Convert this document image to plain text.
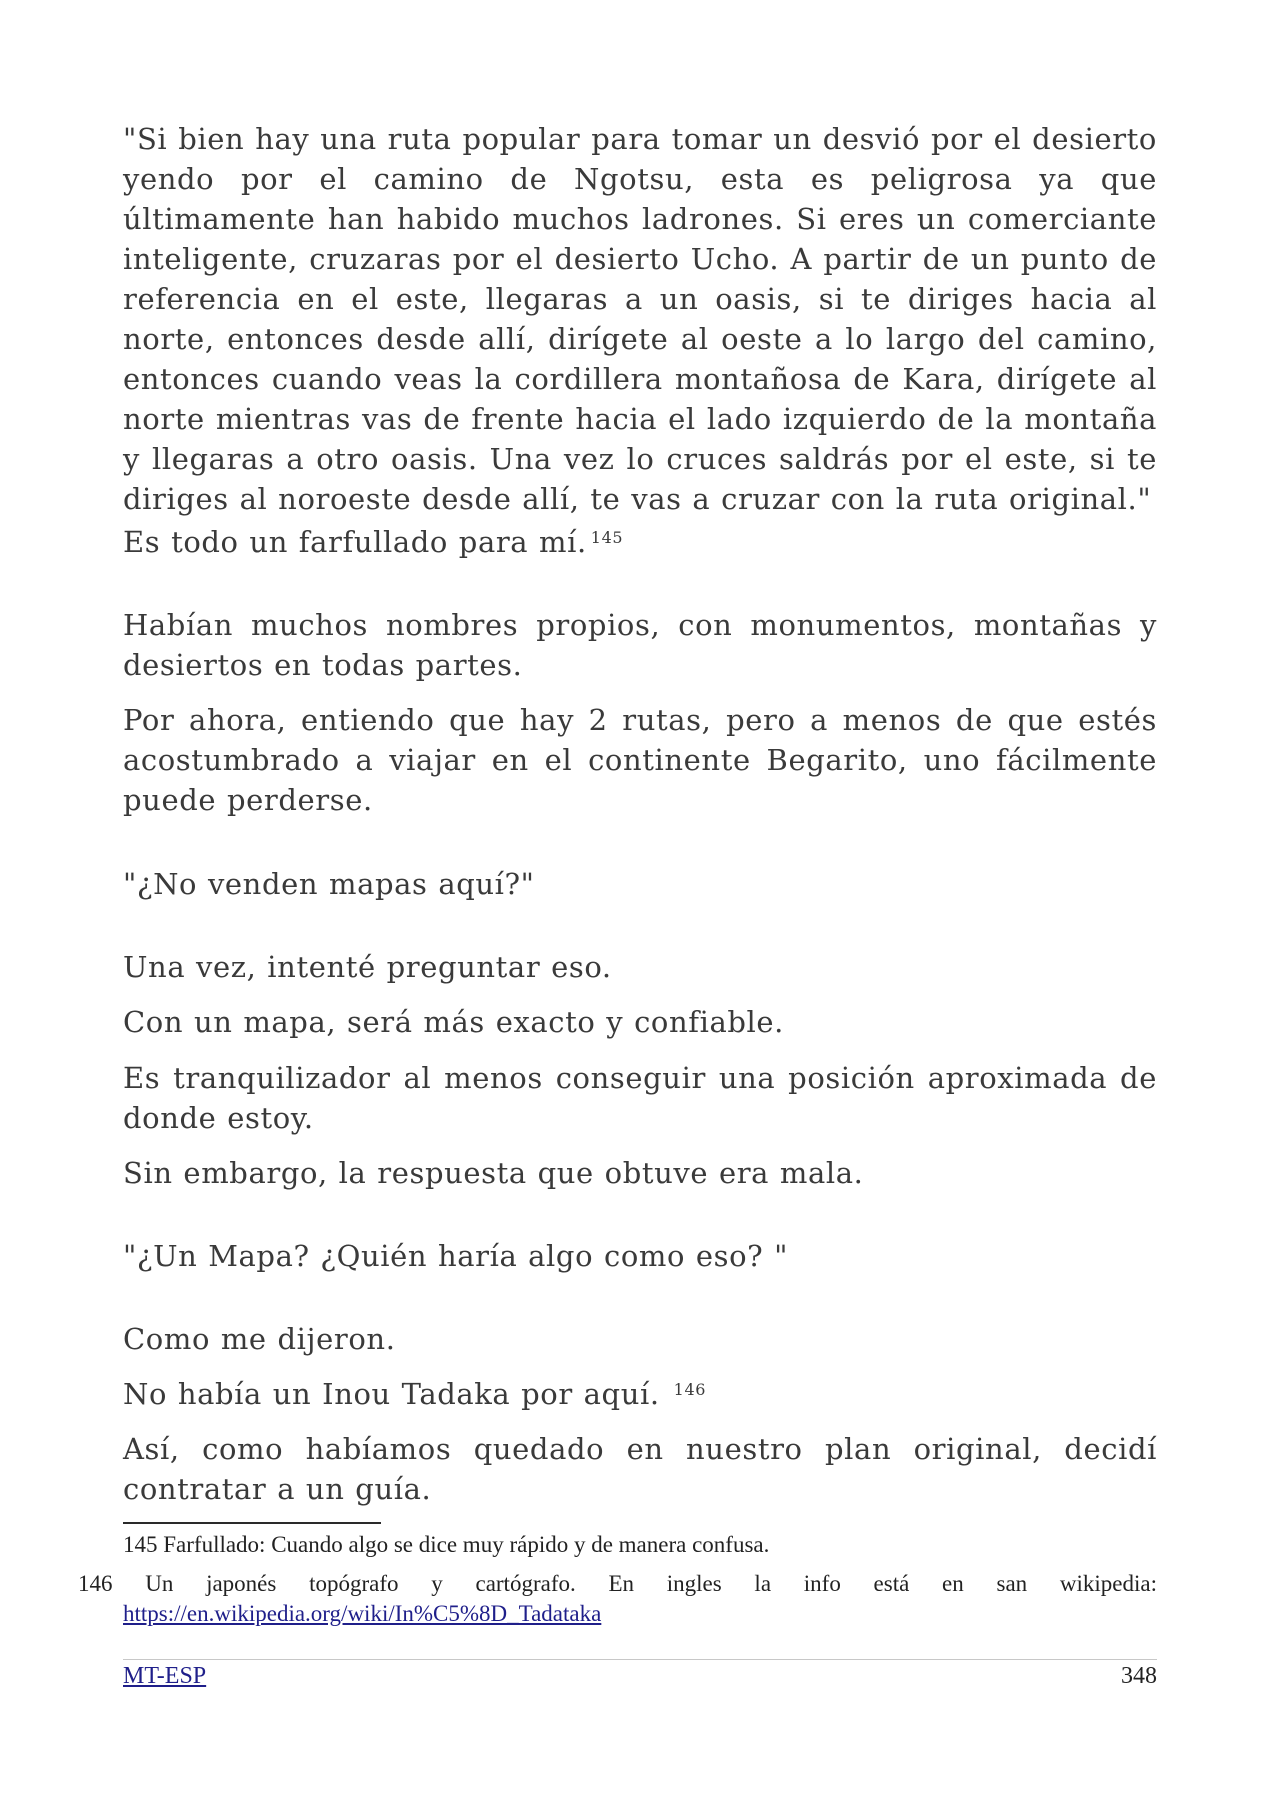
"Si bien hay una ruta popular para tomar un desvió por el desierto yendo por el camino de Ngotsu, esta es peligrosa ya que últimamente han habido muchos ladrones. Si eres un comerciante inteligente, cruzaras por el desierto Ucho. A partir de un punto de referencia en el este, llegaras a un oasis, si te diriges hacia al norte, entonces desde allí, dirígete al oeste a lo largo del camino, entonces cuando veas la cordillera montañosa de Kara, dirígete al norte mientras vas de frente hacia el lado izquierdo de la montaña y llegaras a otro oasis. Una vez lo cruces saldrás por el este, si te diriges al noroeste desde allí, te vas a cruzar con la ruta original."

Es todo un farfullado para mí. $^{145}$

Habían muchos nombres propios, con monumentos, montañas y desiertos en todas partes.

Por ahora, entiendo que hay 2 rutas, pero a menos de que estés acostumbrado a viajar en el continente Begarito, uno fácilmente puede perderse.

"¿No venden mapas aquí?"

Una vez, intenté preguntar eso.

Con un mapa, será más exacto y confiable.

Es tranquilizador al menos conseguir una posición aproximada de donde estoy.

Sin embargo, la respuesta que obtuve era mala.

"¿Un Mapa? ¿Quién haría algo como eso? "

Como me dijeron.

No había un Inou Tadaka por aquí. $^{146}$

Así, como habíamos quedado en nuestro plan original, decidí contratar a un guía.

145 Farfullado: Cuando algo se dice muy rápido y de manera confusa.

146 Un japonés topógrafo y cartógrafo. En ingles la info está en san wikipedia:

https://en.wikipedia.org/wiki/In%C5%8D_Tadataka

MT-ESP	348
